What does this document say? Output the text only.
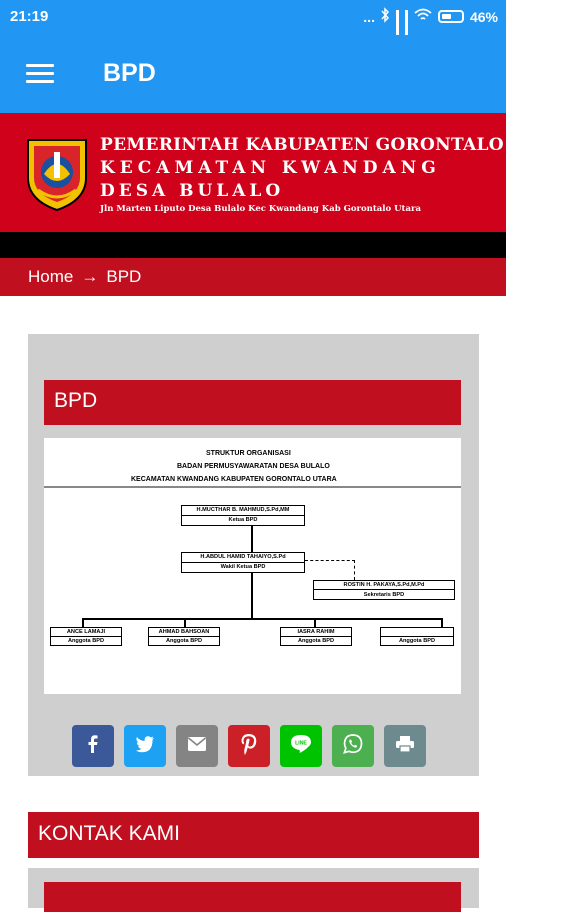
21:19	...	46%
BPD
PEMERINTAH KABUPATEN GORONTALO UTARA
KECAMATAN KWANDANG
DESA BULALO
Jln Marten Liputo Desa Bulalo Kec Kwandang Kab Gorontalo Utara
Home → BPD
BPD
STRUKTUR ORGANISASI
BADAN PERMUSYAWARATAN DESA BULALO
KECAMATAN KWANDANG KABUPATEN GORONTALO UTARA
H.MUCTHAR B. MAHMUD,S.Pd,MM
Ketua BPD
H.ABDUL HAMID TAHAIYO,S.Pd
Wakil Ketua BPD
ROSTIN H. PAKAYA,S.Pd,M.Pd
Sekretaris BPD
ANCE LAMAJI
Anggota BPD
AHMAD BAHSOAN
Anggota BPD
IASRA RAHIM
Anggota BPD	Anggota BPD
LINE
KONTAK KAMI
